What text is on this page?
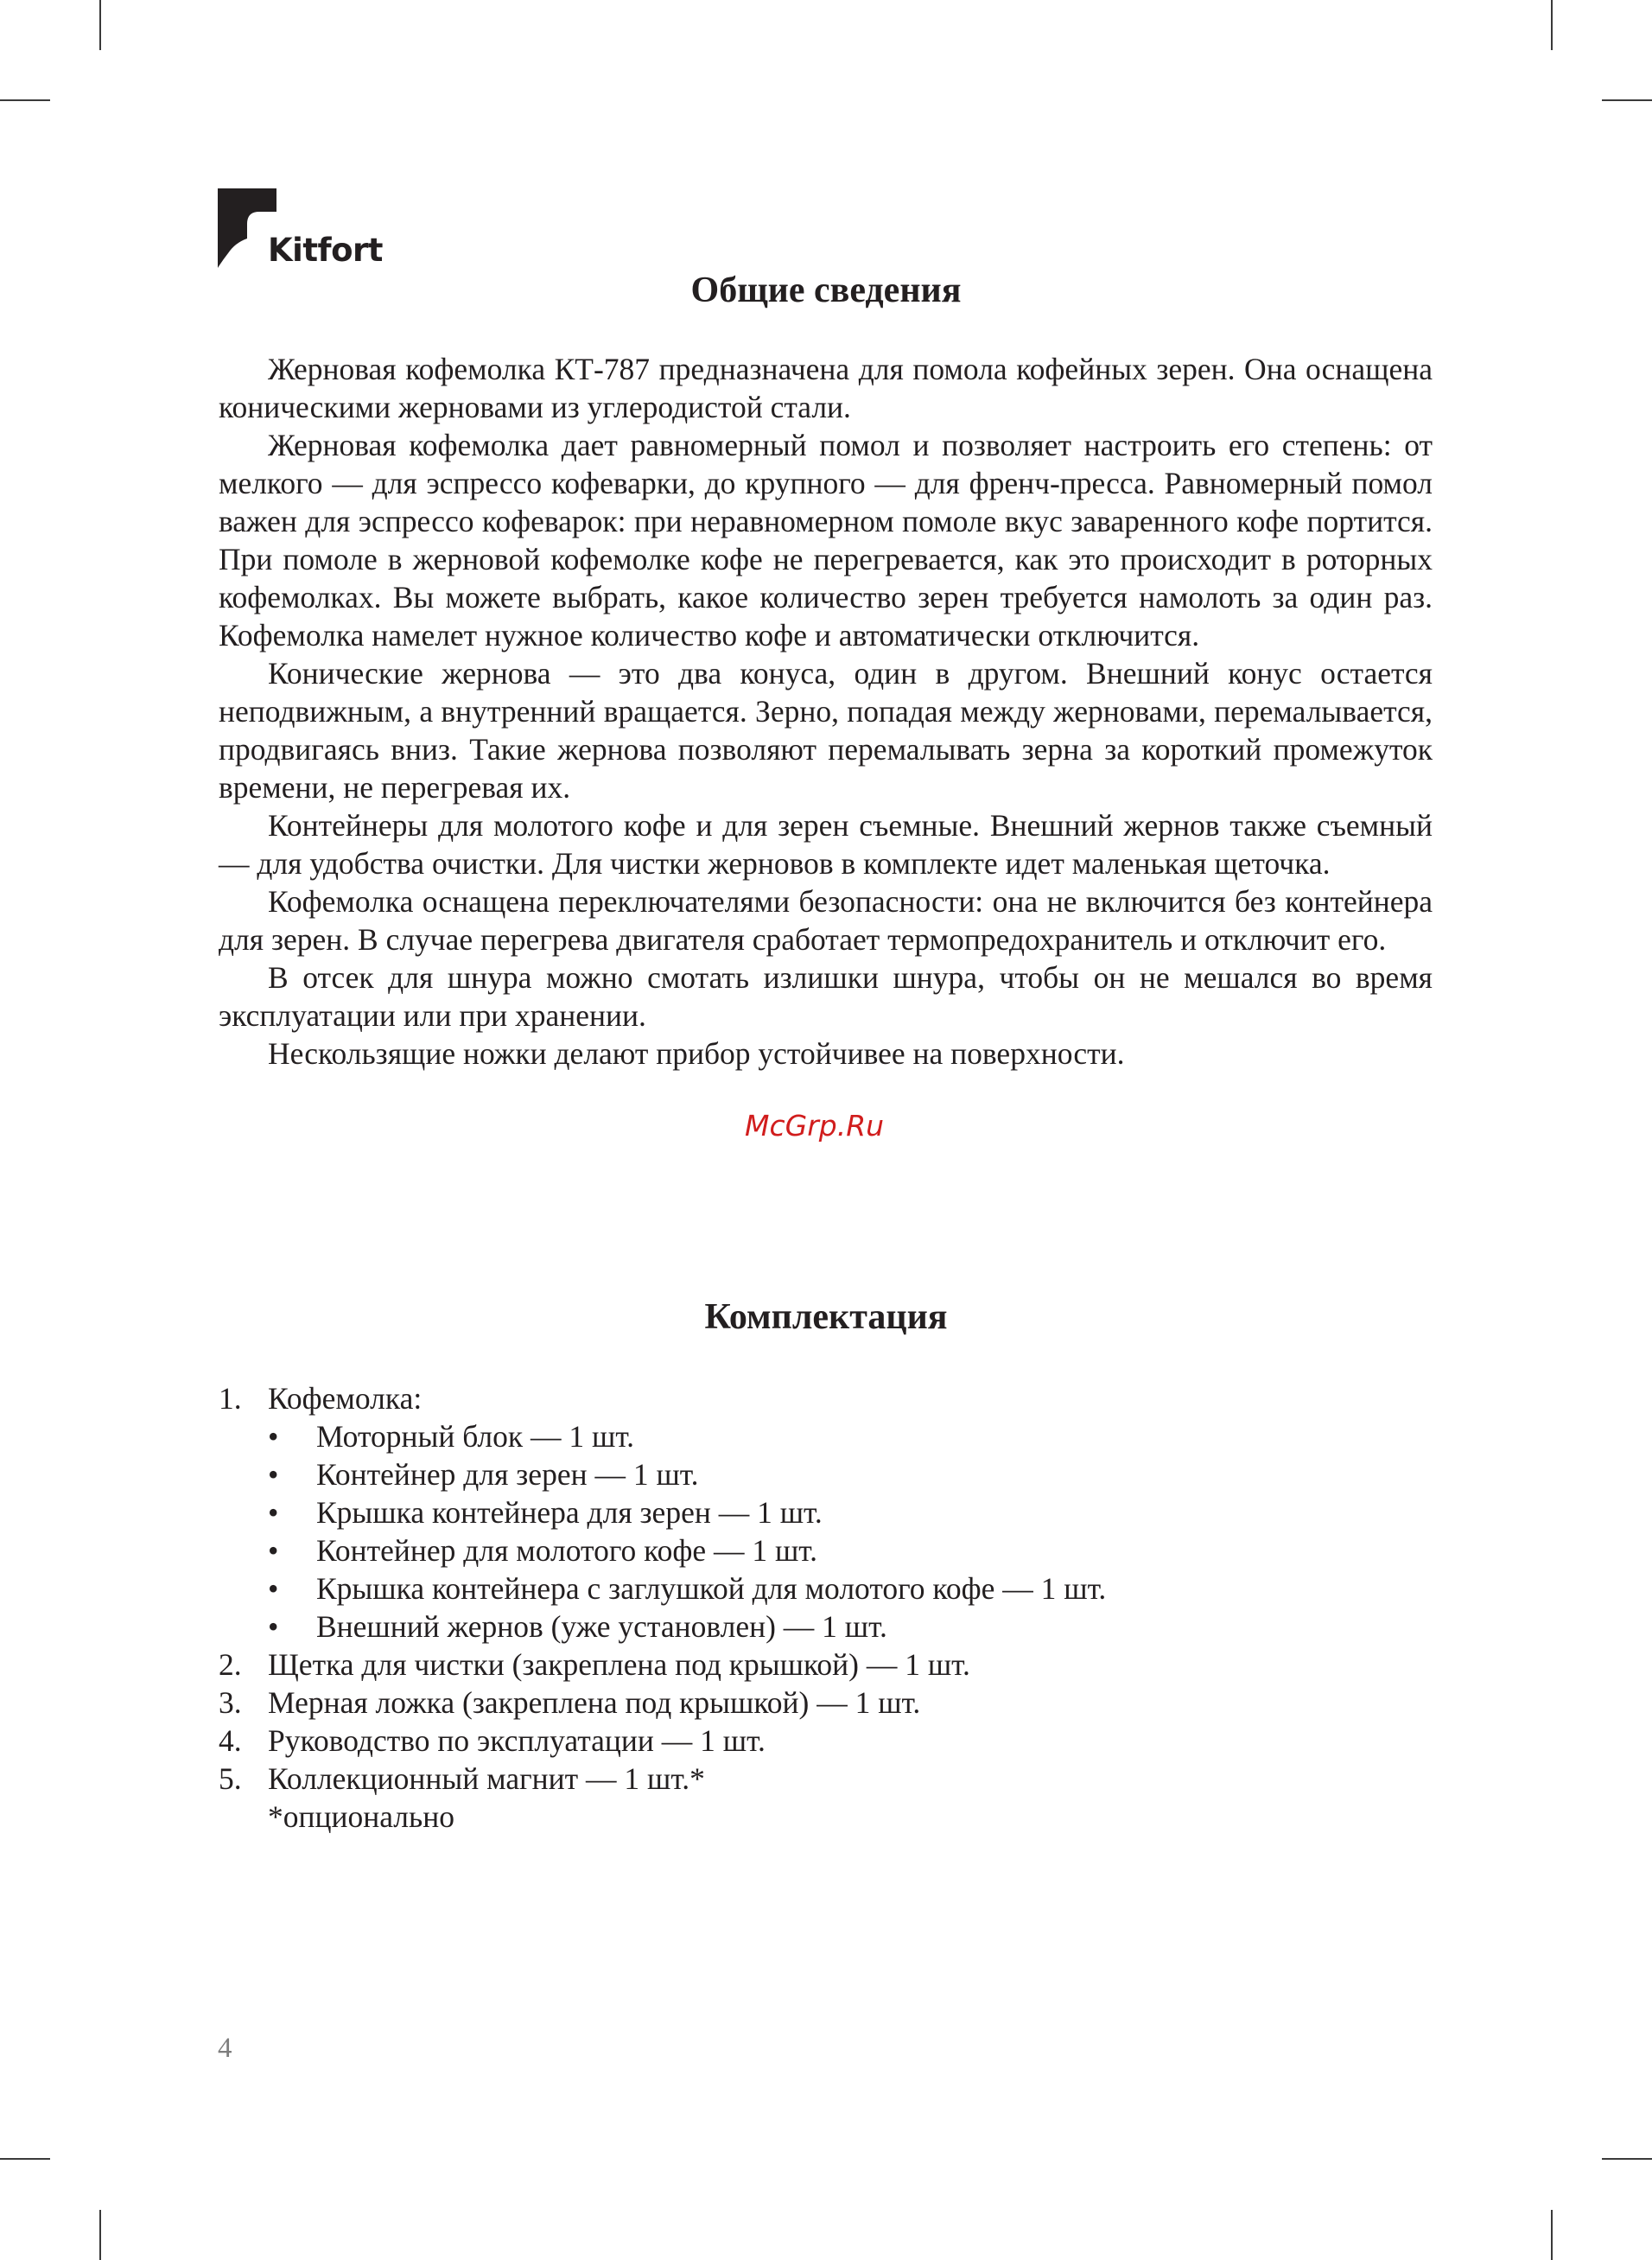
Kitfort
Общие сведения

Жерновая кофемолка КТ-787 предназначена для помола кофейных зерен. Она оснащена коническими жерновами из углеродистой стали.

Жерновая кофемолка дает равномерный помол и позволяет настроить его степень: от мелкого — для эспрессо кофеварки, до крупного — для френч-пресса. Равномерный помол важен для эспрессо кофеварок: при неравномерном помоле вкус заваренного кофе портится. При помоле в жерновой кофемолке кофе не перегревается, как это происходит в роторных кофемолках. Вы можете выбрать, какое количество зерен требуется намолоть за один раз. Кофемолка намелет нужное количество кофе и автоматически отключится.

Конические жернова — это два конуса, один в другом. Внешний конус остается неподвижным, а внутренний вращается. Зерно, попадая между жерновами, перемалывается, продвигаясь вниз. Такие жернова позволяют перемалывать зерна за короткий промежуток времени, не перегревая их.

Контейнеры для молотого кофе и для зерен съемные. Внешний жернов также съемный — для удобства очистки. Для чистки жерновов в комплекте идет маленькая щеточка.

Кофемолка оснащена переключателями безопасности: она не включится без контейнера для зерен. В случае перегрева двигателя сработает термопредохранитель и отключит его.

В отсек для шнура можно смотать излишки шнура, чтобы он не мешался во время эксплуатации или при хранении.

Нескользящие ножки делают прибор устойчивее на поверхности.

McGrp.Ru
Комплектация
1. Кофемолка:
• Моторный блок — 1 шт.
• Контейнер для зерен — 1 шт.
• Крышка контейнера для зерен — 1 шт.
• Контейнер для молотого кофе — 1 шт.
• Крышка контейнера с заглушкой для молотого кофе — 1 шт.
• Внешний жернов (уже установлен) — 1 шт.
2. Щетка для чистки (закреплена под крышкой) — 1 шт.
3. Мерная ложка (закреплена под крышкой) — 1 шт.
4. Руководство по эксплуатации — 1 шт.
5. Коллекционный магнит — 1 шт.*
*опционально
4
